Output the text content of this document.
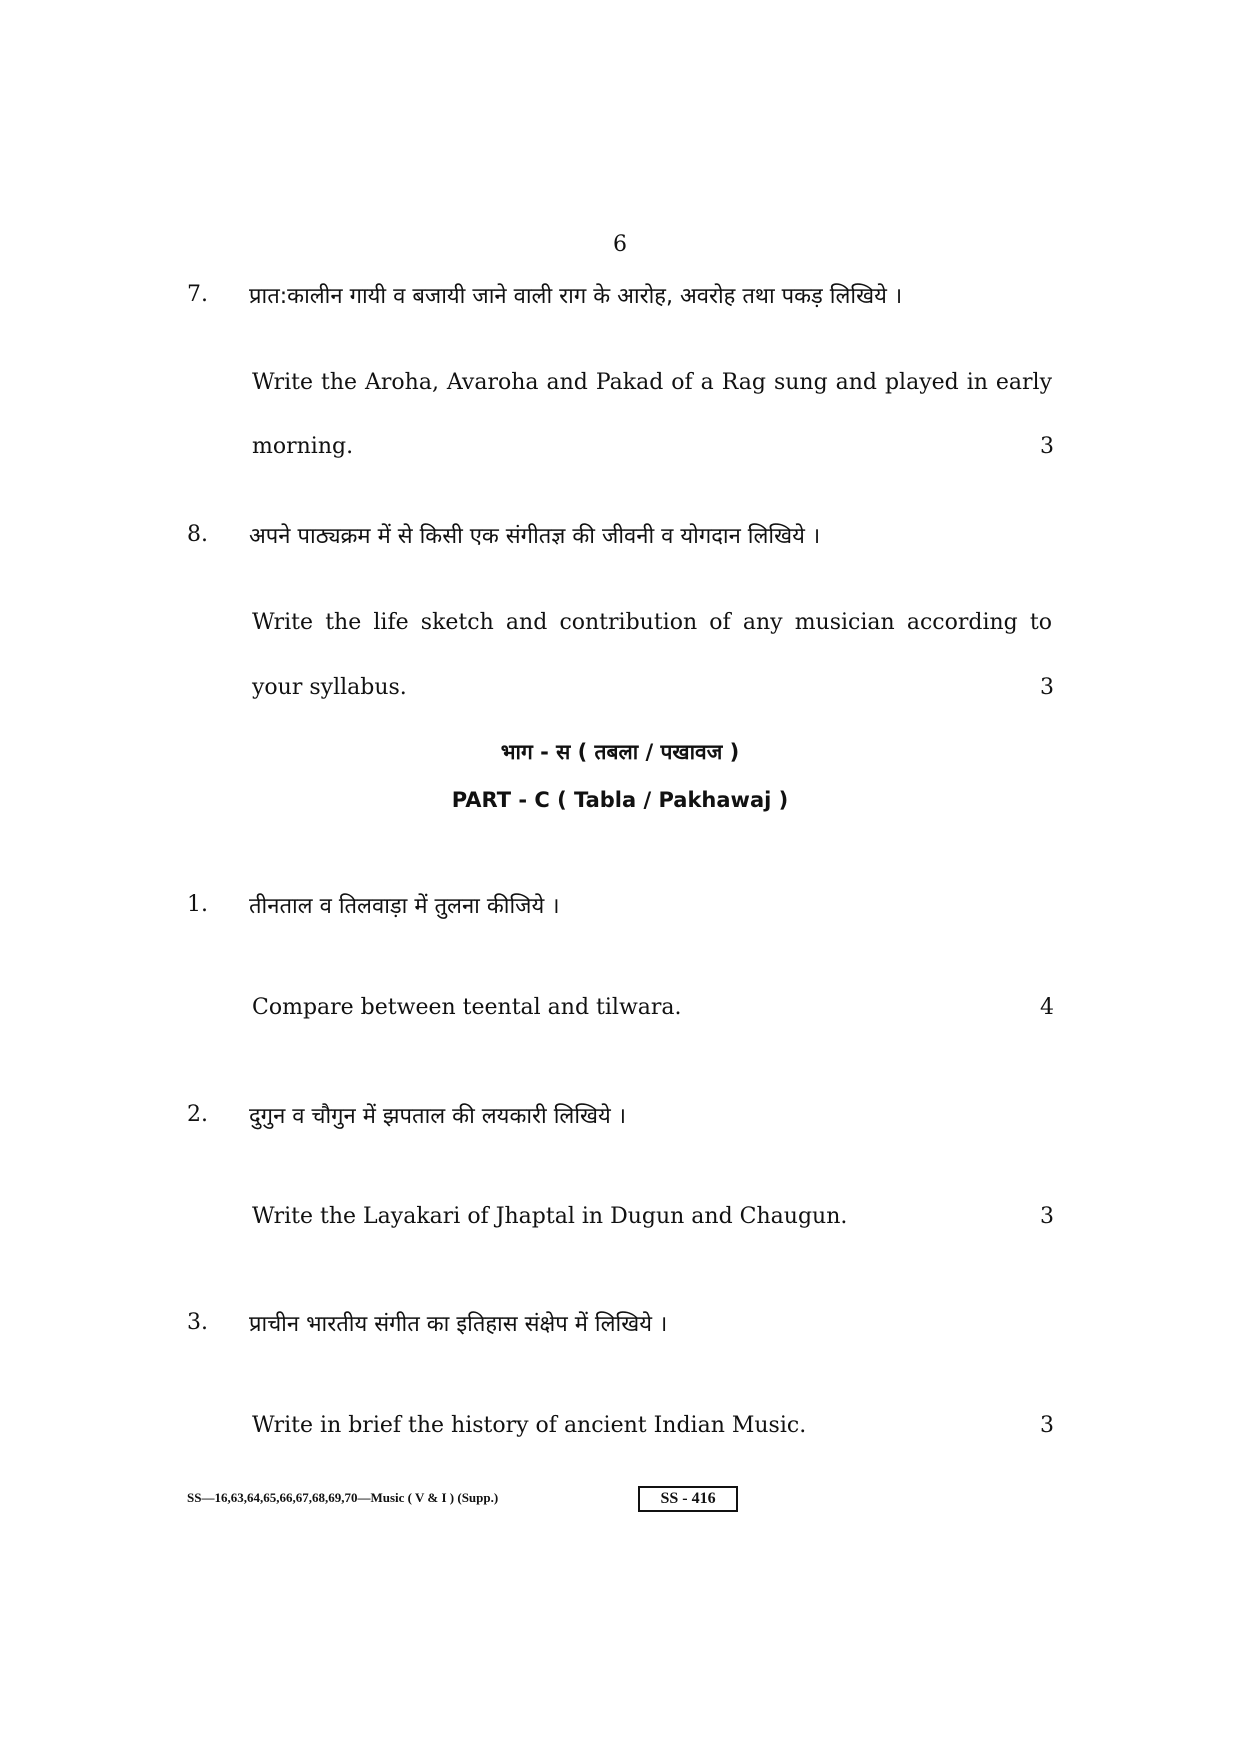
6
7. प्रात:कालीन गायी व बजायी जाने वाली राग के आरोह, अवरोह तथा पकड़ लिखिये ।
Write the Aroha, Avaroha and Pakad of a Rag sung and played in early
morning.	3
8. अपने पाठ्यक्रम में से किसी एक संगीतज्ञ की जीवनी व योगदान लिखिये ।
Write the life sketch and contribution of any musician according to
your syllabus.	3
भाग - स ( तबला / पखावज )
PART - C ( Tabla / Pakhawaj )
1. तीनताल व तिलवाड़ा में तुलना कीजिये ।
Compare between teental and tilwara.	4
2. दुगुन व चौगुन में झपताल की लयकारी लिखिये ।
Write the Layakari of Jhaptal in Dugun and Chaugun.	3
3. प्राचीन भारतीय संगीत का इतिहास संक्षेप में लिखिये ।
Write in brief the history of ancient Indian Music.	3
SS—16,63,64,65,66,67,68,69,70—Music ( V & I ) (Supp.)	SS - 416
